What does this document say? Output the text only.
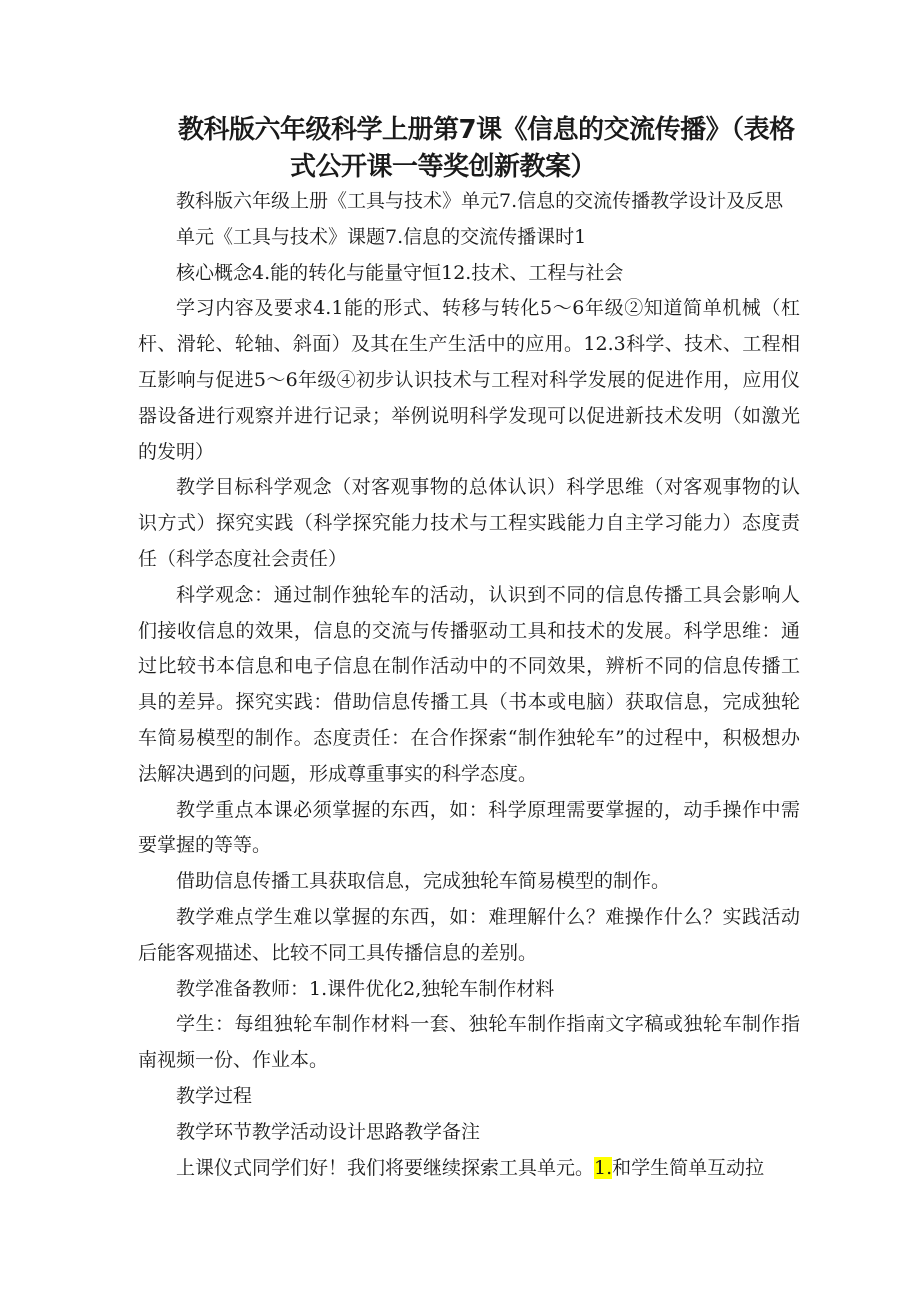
教科版六年级科学上册第7课《信息的交流传播》（表格
式公开课一等奖创新教案）

教科版六年级上册《工具与技术》单元7.信息的交流传播教学设计及反思

单元《工具与技术》课题7.信息的交流传播课时1

核心概念4.能的转化与能量守恒12.技术、工程与社会

学习内容及要求4.1能的形式、转移与转化5～6年级②知道简单机械（杠杆、滑轮、轮轴、斜面）及其在生产生活中的应用。12.3科学、技术、工程相互影响与促进5～6年级④初步认识技术与工程对科学发展的促进作用，应用仪器设备进行观察并进行记录；举例说明科学发现可以促进新技术发明（如激光的发明）

教学目标科学观念（对客观事物的总体认识）科学思维（对客观事物的认识方式）探究实践（科学探究能力技术与工程实践能力自主学习能力）态度责任（科学态度社会责任）

科学观念：通过制作独轮车的活动，认识到不同的信息传播工具会影响人们接收信息的效果，信息的交流与传播驱动工具和技术的发展。科学思维：通过比较书本信息和电子信息在制作活动中的不同效果，辨析不同的信息传播工具的差异。探究实践：借助信息传播工具（书本或电脑）获取信息，完成独轮车简易模型的制作。态度责任：在合作探索“制作独轮车”的过程中，积极想办法解决遇到的问题，形成尊重事实的科学态度。

教学重点本课必须掌握的东西，如：科学原理需要掌握的，动手操作中需要掌握的等等。

借助信息传播工具获取信息，完成独轮车简易模型的制作。

教学难点学生难以掌握的东西，如：难理解什么？难操作什么？实践活动后能客观描述、比较不同工具传播信息的差别。

教学准备教师：1.课件优化2,独轮车制作材料

学生：每组独轮车制作材料一套、独轮车制作指南文字稿或独轮车制作指南视频一份、作业本。

教学过程

教学环节教学活动设计思路教学备注

上课仪式同学们好！我们将要继续探索工具单元。1.和学生简单互动拉
